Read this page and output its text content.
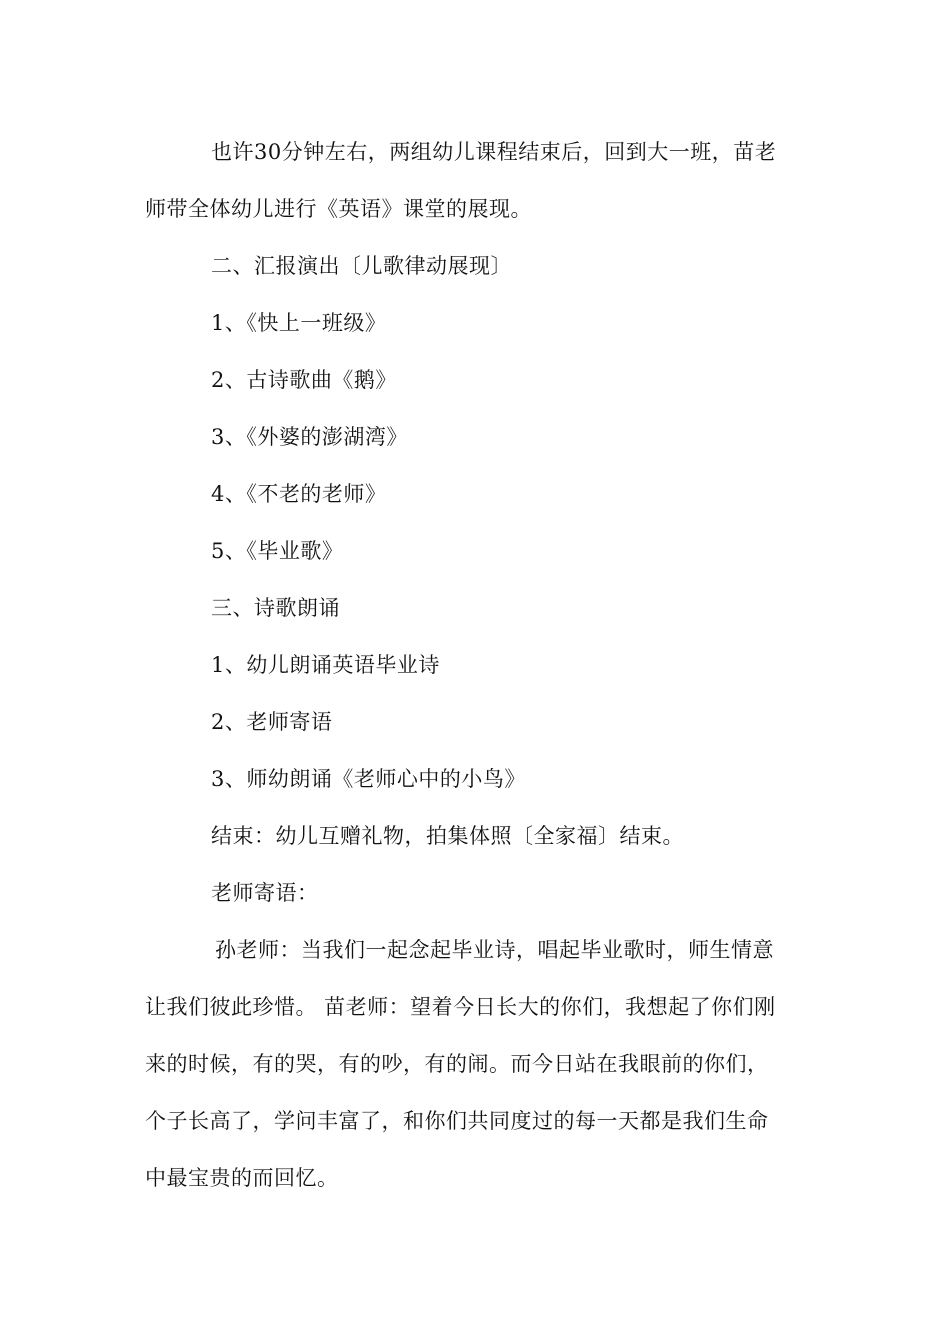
也许30分钟左右，两组幼儿课程结束后，回到大一班，苗老
师带全体幼儿进行《英语》课堂的展现。
二、汇报演出〔儿歌律动展现〕
1、《快上一班级》
2、古诗歌曲《鹅》
3、《外婆的澎湖湾》
4、《不老的老师》
5、《毕业歌》
三、诗歌朗诵
1、幼儿朗诵英语毕业诗
2、老师寄语
3、师幼朗诵《老师心中的小鸟》
结束：幼儿互赠礼物，拍集体照〔全家福〕结束。
老师寄语：
孙老师：当我们一起念起毕业诗，唱起毕业歌时，师生情意
让我们彼此珍惜。 苗老师：望着今日长大的你们，我想起了你们刚
来的时候，有的哭，有的吵，有的闹。而今日站在我眼前的你们，
个子长高了，学问丰富了，和你们共同度过的每一天都是我们生命
中最宝贵的而回忆。
